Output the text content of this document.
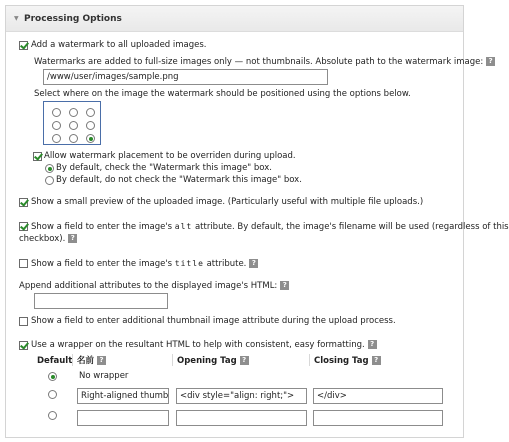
▼ Processing Options
Add a watermark to all uploaded images.
Watermarks are added to full-size images only — not thumbnails. Absolute path to the watermark image: ?
/www/user/images/sample.png
Select where on the image the watermark should be positioned using the options below.
Allow watermark placement to be overriden during upload.
By default, check the "Watermark this image" box.
By default, do not check the "Watermark this image" box.
Show a small preview of the uploaded image. (Particularly useful with multiple file uploads.)
Show a field to enter the image's alt attribute. By default, the image's filename will be used (regardless of this
checkbox). ?
Show a field to enter the image's title attribute. ?
Append additional attributes to the displayed image's HTML: ?
Show a field to enter additional thumbnail image attribute during the upload process.
Use a wrapper on the resultant HTML to help with consistent, easy formatting. ?
Default 名前 ?	Opening Tag ?	Closing Tag ?
No wrapper
Right-aligned thumb	<div style="align: right;">	</div>
